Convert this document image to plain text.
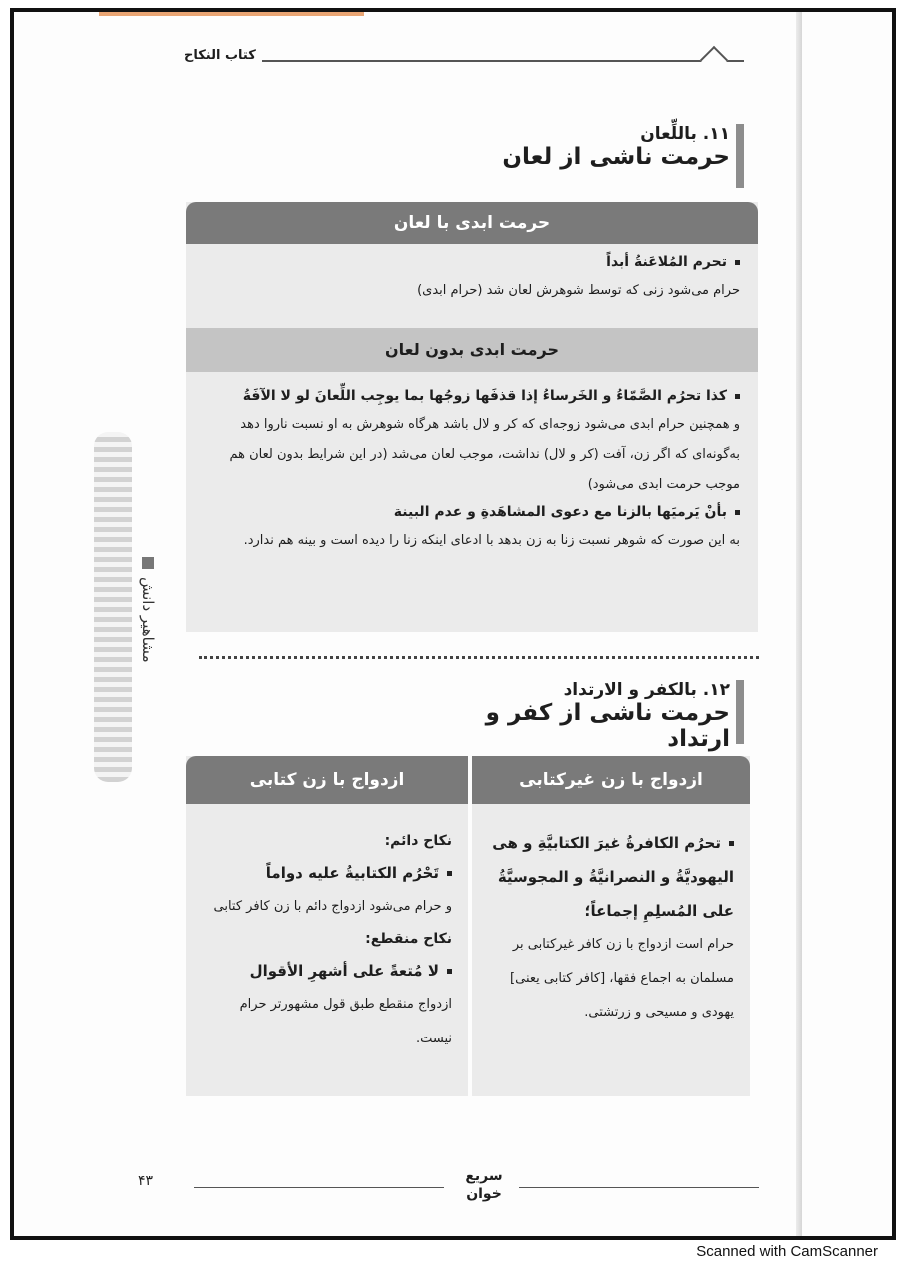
مشاهیر دانش
کتاب النکاح
۱۱. باللِّعان
حرمت ناشی از لعان
حرمت ابدی با لعان
تحرم المُلاعَنةُ أبداً
حرام می‌شود زنی که توسط شوهرش لعان شد (حرام ابدی)
حرمت ابدی بدون لعان
کذا تحرُم الصَّمّاءُ و الخَرساءُ إذا قذفَها زوجُها بما یوجِب اللِّعانَ لو لا الآفَةُ
و همچنین حرام ابدی می‌شود زوجه‌ای که کر و لال باشد هرگاه شوهرش به او نسبت ناروا دهد به‌گونه‌ای که اگر زن، آفت (کر و لال) نداشت، موجب لعان می‌شد (در این شرایط بدون لعان هم موجب حرمت ابدی می‌شود)
بأنْ یَرمیَها بالزنا مع دعوی المشاهَدةِ و عدم البینة
به این صورت که شوهر نسبت زنا به زن بدهد با ادعای اینکه زنا را دیده است و بینه هم ندارد.
۱۲. بالکفر و الارتداد
حرمت ناشی از کفر و ارتداد
ازدواج با زن غیرکتابی
تحرُم الکافرةُ غیرَ الکتابیَّةِ و هی الیهودیَّةُ و النصرانیَّةُ و المجوسیَّةُ علی المُسلِمِ إجماعاً؛
حرام است ازدواج با زن کافر غیرکتابی بر مسلمان به اجماع فقها، [کافر کتابی یعنی] یهودی و مسیحی و زرتشتی.
ازدواج با زن کتابی
نکاح دائم:
تَحْرُم الکتابیةُ علیه دواماً
و حرام می‌شود ازدواج دائم با زن کافر کتابی
نکاح منقطع:
لا مُتعةً علی أشهرِ الأقوال
ازدواج منقطع طبق قول مشهورتر حرام نیست.
۴۳	سریع
خوان
Scanned with CamScanner
